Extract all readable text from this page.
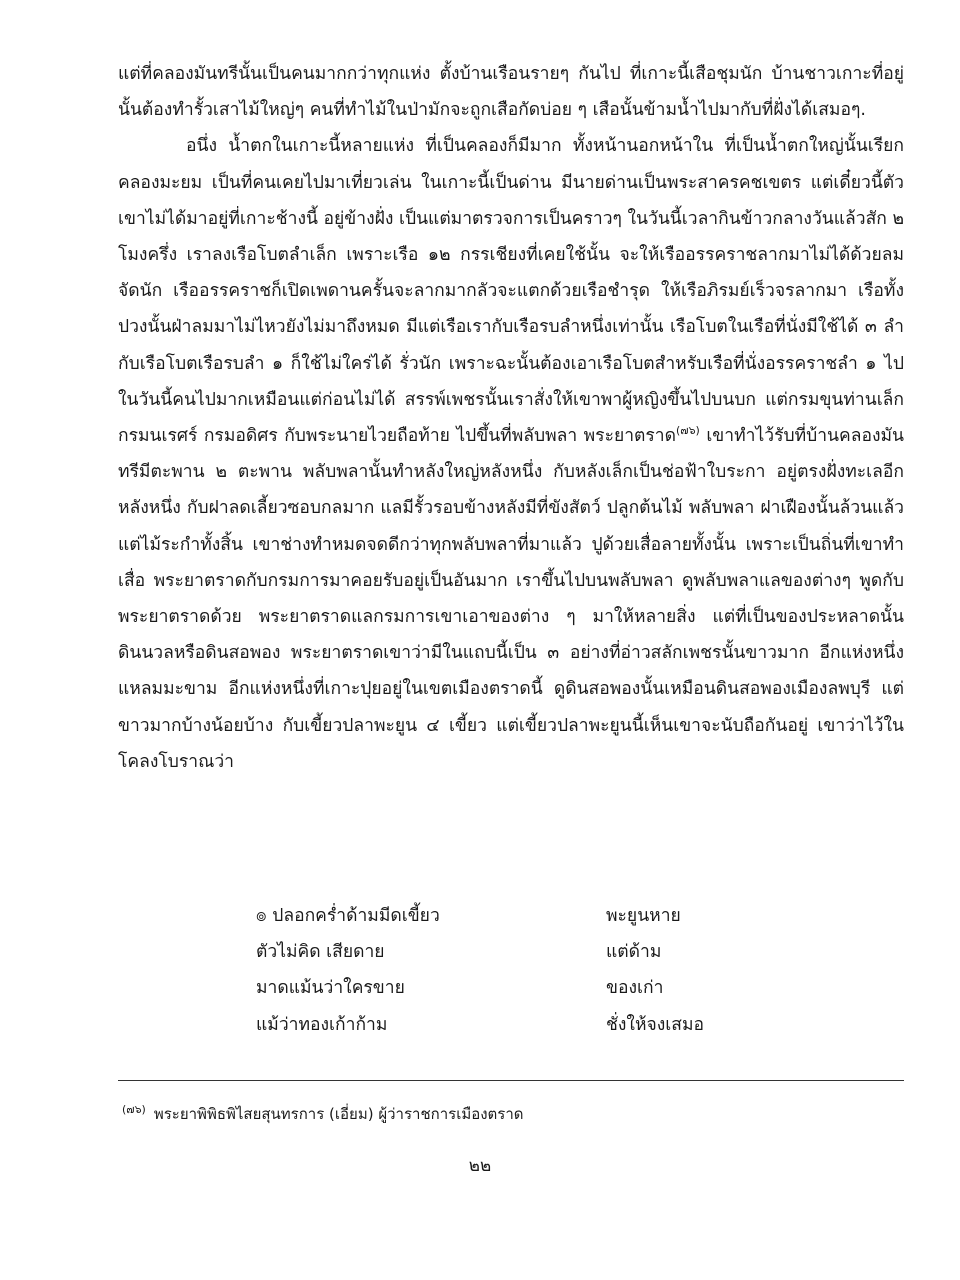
แต่ที่คลองมันทรีนั้นเป็นคนมากกว่าทุกแห่ง ตั้งบ้านเรือนรายๆ กันไป ที่เกาะนี้เสือชุมนัก บ้านชาวเกาะที่อยู่นั้นต้องทำรั้วเสาไม้ใหญ่ๆ คนที่ทำไม้ในป่ามักจะถูกเสือกัดบ่อย ๆ เสือนั้นข้ามน้ำไปมากับที่ฝั่งได้เสมอๆ.

อนึ่ง น้ำตกในเกาะนี้หลายแห่ง ที่เป็นคลองก็มีมาก ทั้งหน้านอกหน้าใน ที่เป็นน้ำตกใหญ่นั้นเรียกคลองมะยม เป็นที่คนเคยไปมาเที่ยวเล่น ในเกาะนี้เป็นด่าน มีนายด่านเป็นพระสาครคชเขตร แต่เดี๋ยวนี้ตัวเขาไม่ได้มาอยู่ที่เกาะช้างนี้ อยู่ข้างฝั่ง เป็นแต่มาตรวจการเป็นคราวๆ ในวันนี้เวลากินข้าวกลางวันแล้วสัก ๒ โมงครึ่ง เราลงเรือโบตลำเล็ก เพราะเรือ ๑๒ กรรเชียงที่เคยใช้นั้น จะให้เรืออรรคราชลากมาไม่ได้ด้วยลมจัดนัก เรืออรรคราชก็เปิดเพดานครั้นจะลากมากลัวจะแตกด้วยเรือชำรุด ให้เรือภิรมย์เร็วจรลากมา เรือทั้งปวงนั้นฝ่าลมมาไม่ไหวยังไม่มาถึงหมด มีแต่เรือเรากับเรือรบลำหนึ่งเท่านั้น เรือโบตในเรือที่นั่งมีใช้ได้ ๓ ลำ กับเรือโบตเรือรบลำ ๑ ก็ใช้ไม่ใคร่ได้ รั่วนัก เพราะฉะนั้นต้องเอาเรือโบตสำหรับเรือที่นั่งอรรคราชลำ ๑ ไปในวันนี้คนไปมากเหมือนแต่ก่อนไม่ได้ สรรพ์เพชรนั้นเราสั่งให้เขาพาผู้หญิงขึ้นไปบนบก แต่กรมขุนท่านเล็ก กรมนเรศร์ กรมอดิศร กับพระนายไวยถือท้าย ไปขึ้นที่พลับพลา พระยาตราด$^{(๗๖)}$ เขาทำไว้รับที่บ้านคลองมันทรีมีตะพาน ๒ ตะพาน พลับพลานั้นทำหลังใหญ่หลังหนึ่ง กับหลังเล็กเป็นช่อฟ้าใบระกา อยู่ตรงฝั่งทะเลอีกหลังหนึ่ง กับฝาลดเลี้ยวซอบกลมาก แลมีรั้วรอบข้างหลังมีที่ขังสัตว์ ปลูกต้นไม้ พลับพลา ฝาเฝืองนั้นล้วนแล้วแต่ไม้ระกำทั้งสิ้น เขาช่างทำหมดจดดีกว่าทุกพลับพลาที่มาแล้ว ปูด้วยเสื่อลายทั้งนั้น เพราะเป็นถิ่นที่เขาทำเสื่อ พระยาตราดกับกรมการมาคอยรับอยู่เป็นอันมาก เราขึ้นไปบนพลับพลา ดูพลับพลาแลของต่างๆ พูดกับพระยาตราดด้วย พระยาตราดแลกรมการเขาเอาของต่าง ๆ มาให้หลายสิ่ง แต่ที่เป็นของประหลาดนั้น ดินนวลหรือดินสอพอง พระยาตราดเขาว่ามีในแถบนี้เป็น ๓ อย่างที่อ่าวสลักเพชรนั้นขาวมาก อีกแห่งหนึ่งแหลมมะขาม อีกแห่งหนึ่งที่เกาะปุยอยู่ในเขตเมืองตราดนี้ ดูดินสอพองนั้นเหมือนดินสอพองเมืองลพบุรี แต่ขาวมากบ้างน้อยบ้าง กับเขี้ยวปลาพะยูน ๔ เขี้ยว แต่เขี้ยวปลาพะยูนนี้เห็นเขาจะนับถือกันอยู่ เขาว่าไว้ในโคลงโบราณว่า

๏ ปลอกคร่ำด้ามมีดเขี้ยว	พะยูนหาย
ตัวไม่คิด เสียดาย	แต่ด้าม
มาดแม้นว่าใครขาย	ของเก่า
แม้ว่าทองเก้าก้าม	ชั่งให้จงเสมอ
$^{(๗๖)}$ พระยาพิพิธพิไสยสุนทรการ (เอี่ยม) ผู้ว่าราชการเมืองตราด
๒๒
